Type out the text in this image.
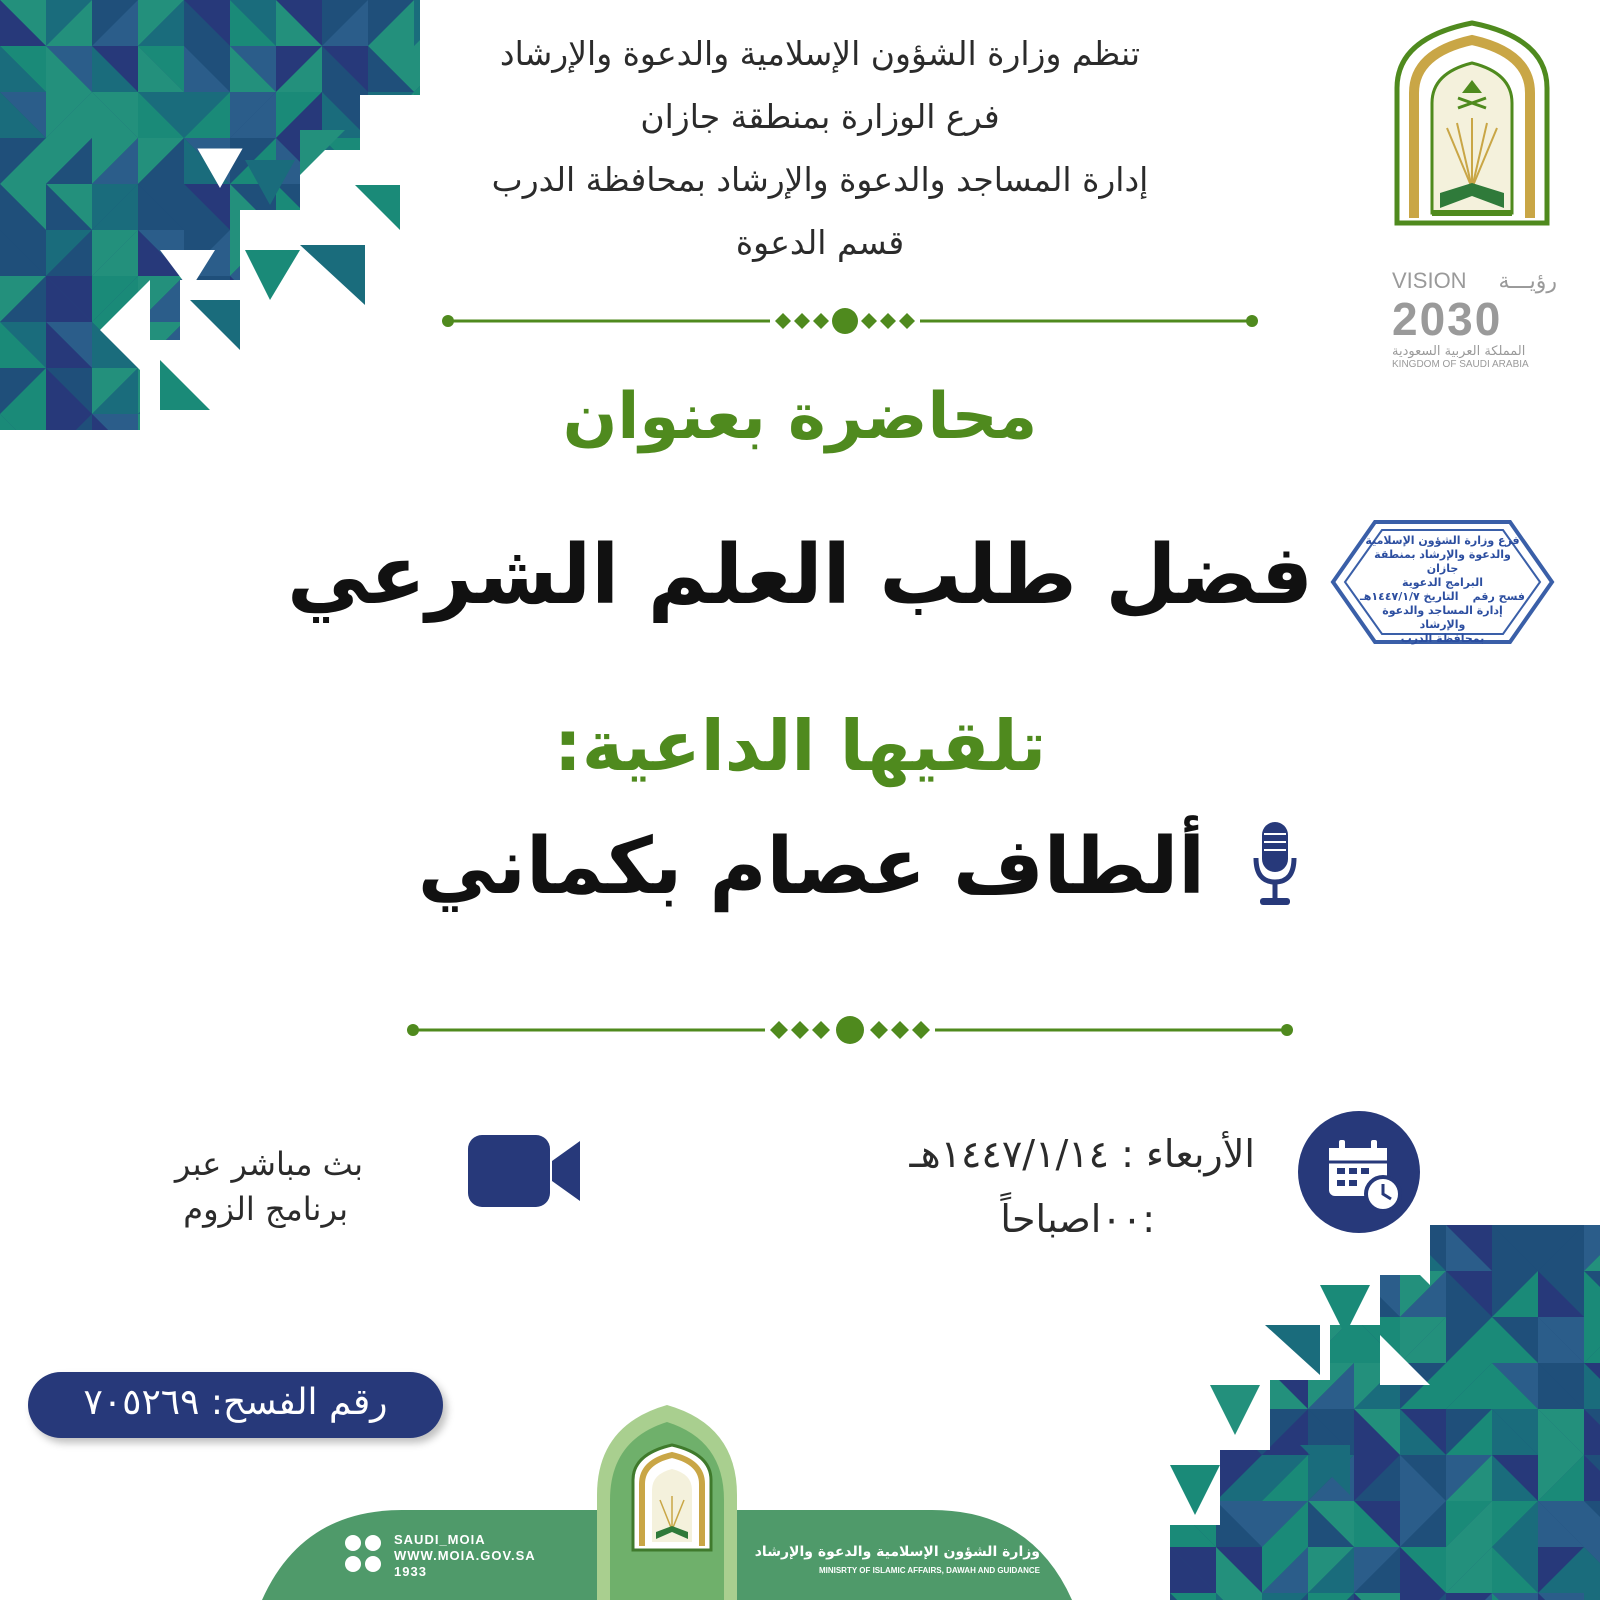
تنظم وزارة الشؤون الإسلامية والدعوة والإرشاد
فرع الوزارة بمنطقة جازان
إدارة المساجد والدعوة والإرشاد بمحافظة الدرب
قسم الدعوة
VISION رؤيـــة
2030
المملكة العربية السعودية
KINGDOM OF SAUDI ARABIA
محاضرة بعنوان
فضل طلب العلم الشرعي	فرع وزارة الشؤون الإسلامية
والدعوة والإرشاد بمنطقة جازان
البرامج الدعوية
فسح رقم
التاريخ ١٤٤٧/١/٧هـ
إدارة المساجد والدعوة والإرشاد
بمحافظة الدرب
تلقيها الداعية:
ألطاف عصام بكماني
الأربعاء : ١٤٤٧/١/١٤هـ
:٠٠اصباحاً
بث مباشر عبر
برنامج الزوم
رقم الفسح: ٧٠٥٢٦٩
SAUDI_MOIA
WWW.MOIA.GOV.SA
1933
وزارة الشؤون الإسلامية والدعوة والإرشاد
MINISRTY OF ISLAMIC AFFAIRS, DAWAH AND GUIDANCE
